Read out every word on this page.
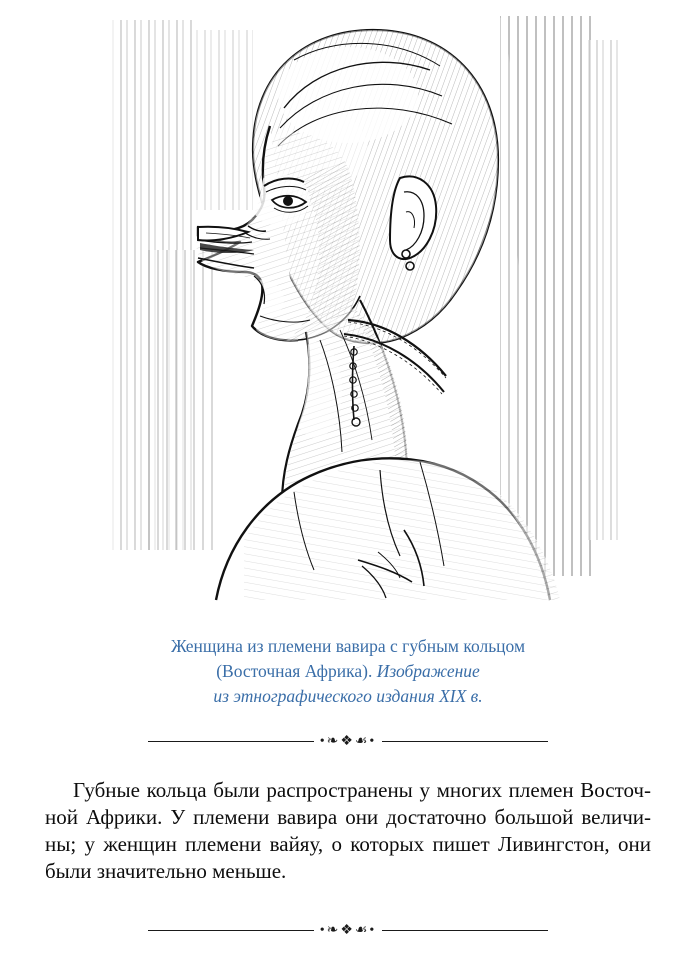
Женщина из племени вавира с губным кольцом
(Восточная Африка). Изображение
из этнографического издания XIX в.
•❧❖☙•

Губные кольца были распространены у многих племен Восточной Африки. У племени вавира они достаточно большой величины; у женщин племени вайяу, о которых пишет Ливингстон, они были значительно меньше.

•❧❖☙•
